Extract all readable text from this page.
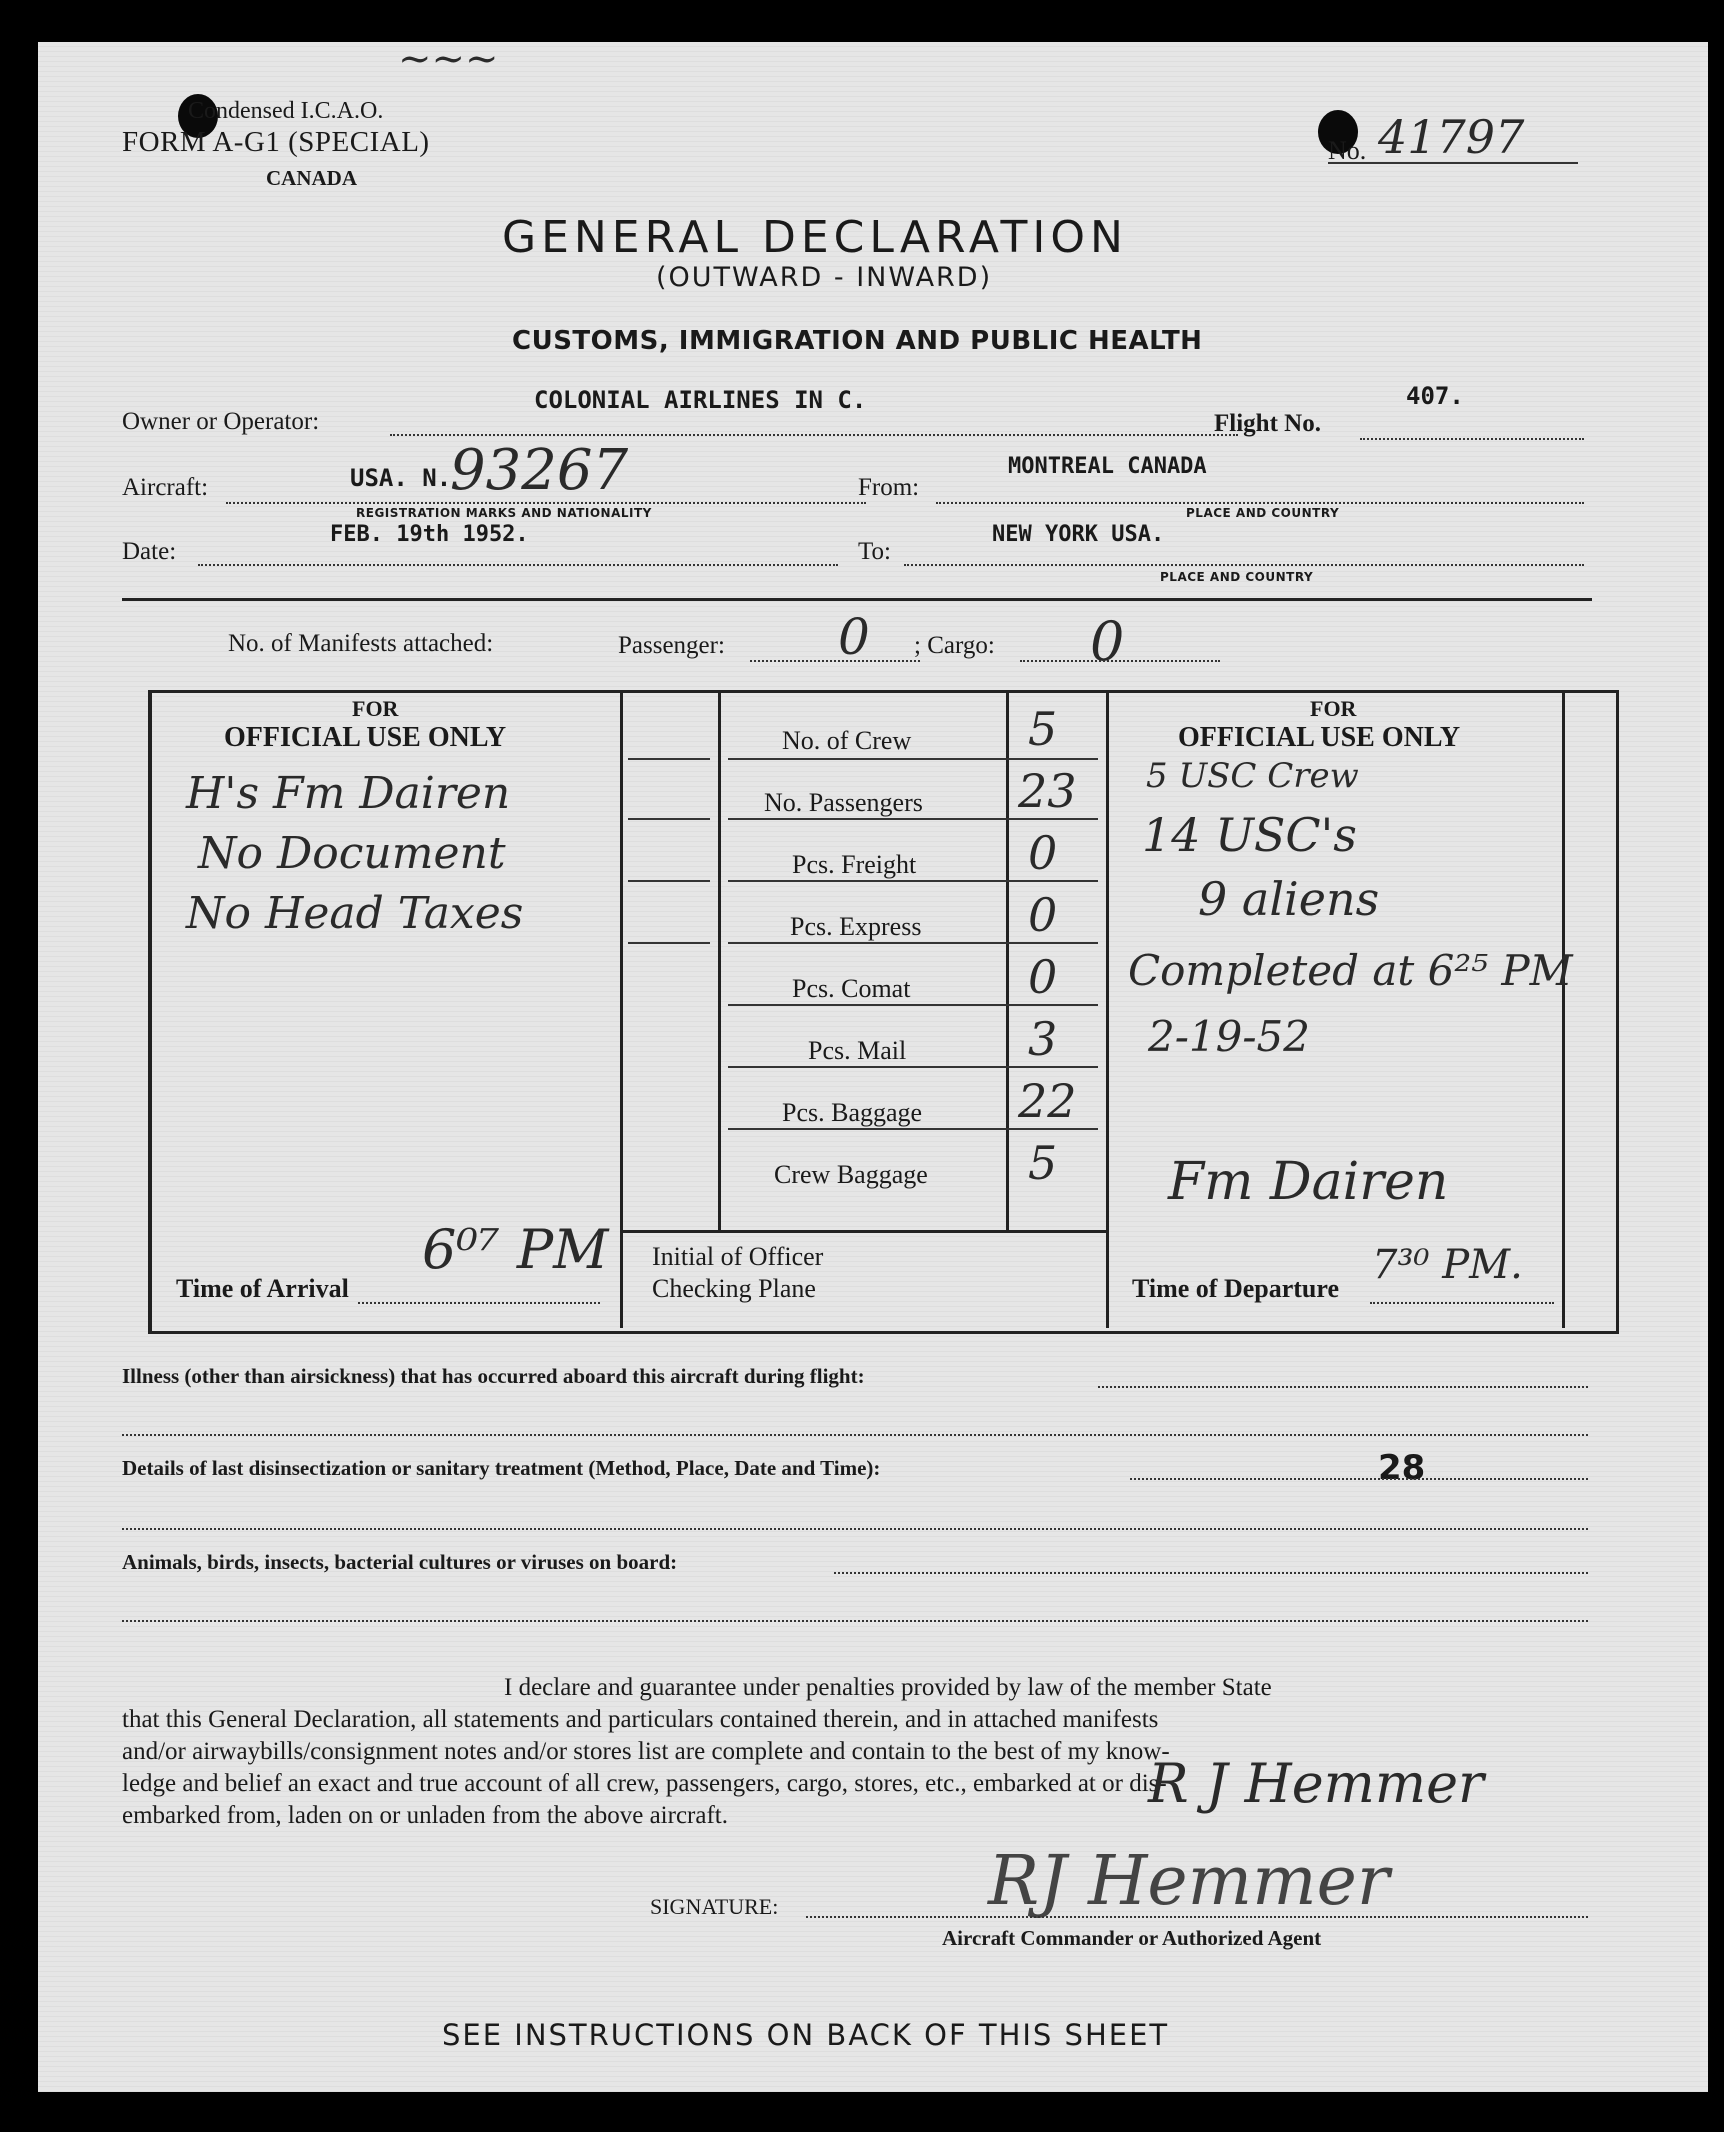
~~~
Condensed I.C.A.O.
FORM A-G1 (SPECIAL)
CANADA
No. 41797
GENERAL DECLARATION
(OUTWARD - INWARD)
CUSTOMS, IMMIGRATION AND PUBLIC HEALTH
Owner or Operator:
COLONIAL AIRLINES IN C.
Flight No.
407.
Aircraft:	USA. N.
93267
REGISTRATION MARKS AND NATIONALITY
From:
MONTREAL CANADA
PLACE AND COUNTRY
Date:
FEB. 19th 1952.
To:
NEW YORK USA.
PLACE AND COUNTRY
No. of Manifests attached:	Passenger: 0 ; Cargo: 0
FOR
OFFICIAL USE ONLY
H's Fm Dairen
No Document
No Head Taxes
Time of Arrival
6⁰⁷ PM
No. of Crew	5
No. Passengers 23
Pcs. Freight 0
Pcs. Express 0
Pcs. Comat	0
Pcs. Mail	3
Pcs. Baggage 22
Crew Baggage 5
Initial of Officer
Checking Plane
FOR
OFFICIAL USE ONLY
5 USC Crew
14 USC's
9 aliens
Completed at 6²⁵ PM
2-19-52
Fm Dairen
Time of Departure
7³⁰ PM.
Illness (other than airsickness) that has occurred aboard this aircraft during flight:
Details of last disinsectization or sanitary treatment (Method, Place, Date and Time):	28
Animals, birds, insects, bacterial cultures or viruses on board:
I declare and guarantee under penalties provided by law of the member State
that this General Declaration, all statements and particulars contained therein, and in attached manifests
and/or airwaybills/consignment notes and/or stores list are complete and contain to the best of my know-
ledge and belief an exact and true account of all crew, passengers, cargo, stores, etc., embarked at or dis-
embarked from, laden on or unladen from the above aircraft.
R J Hemmer
RJ Hemmer
SIGNATURE:
Aircraft Commander or Authorized Agent
SEE INSTRUCTIONS ON BACK OF THIS SHEET
